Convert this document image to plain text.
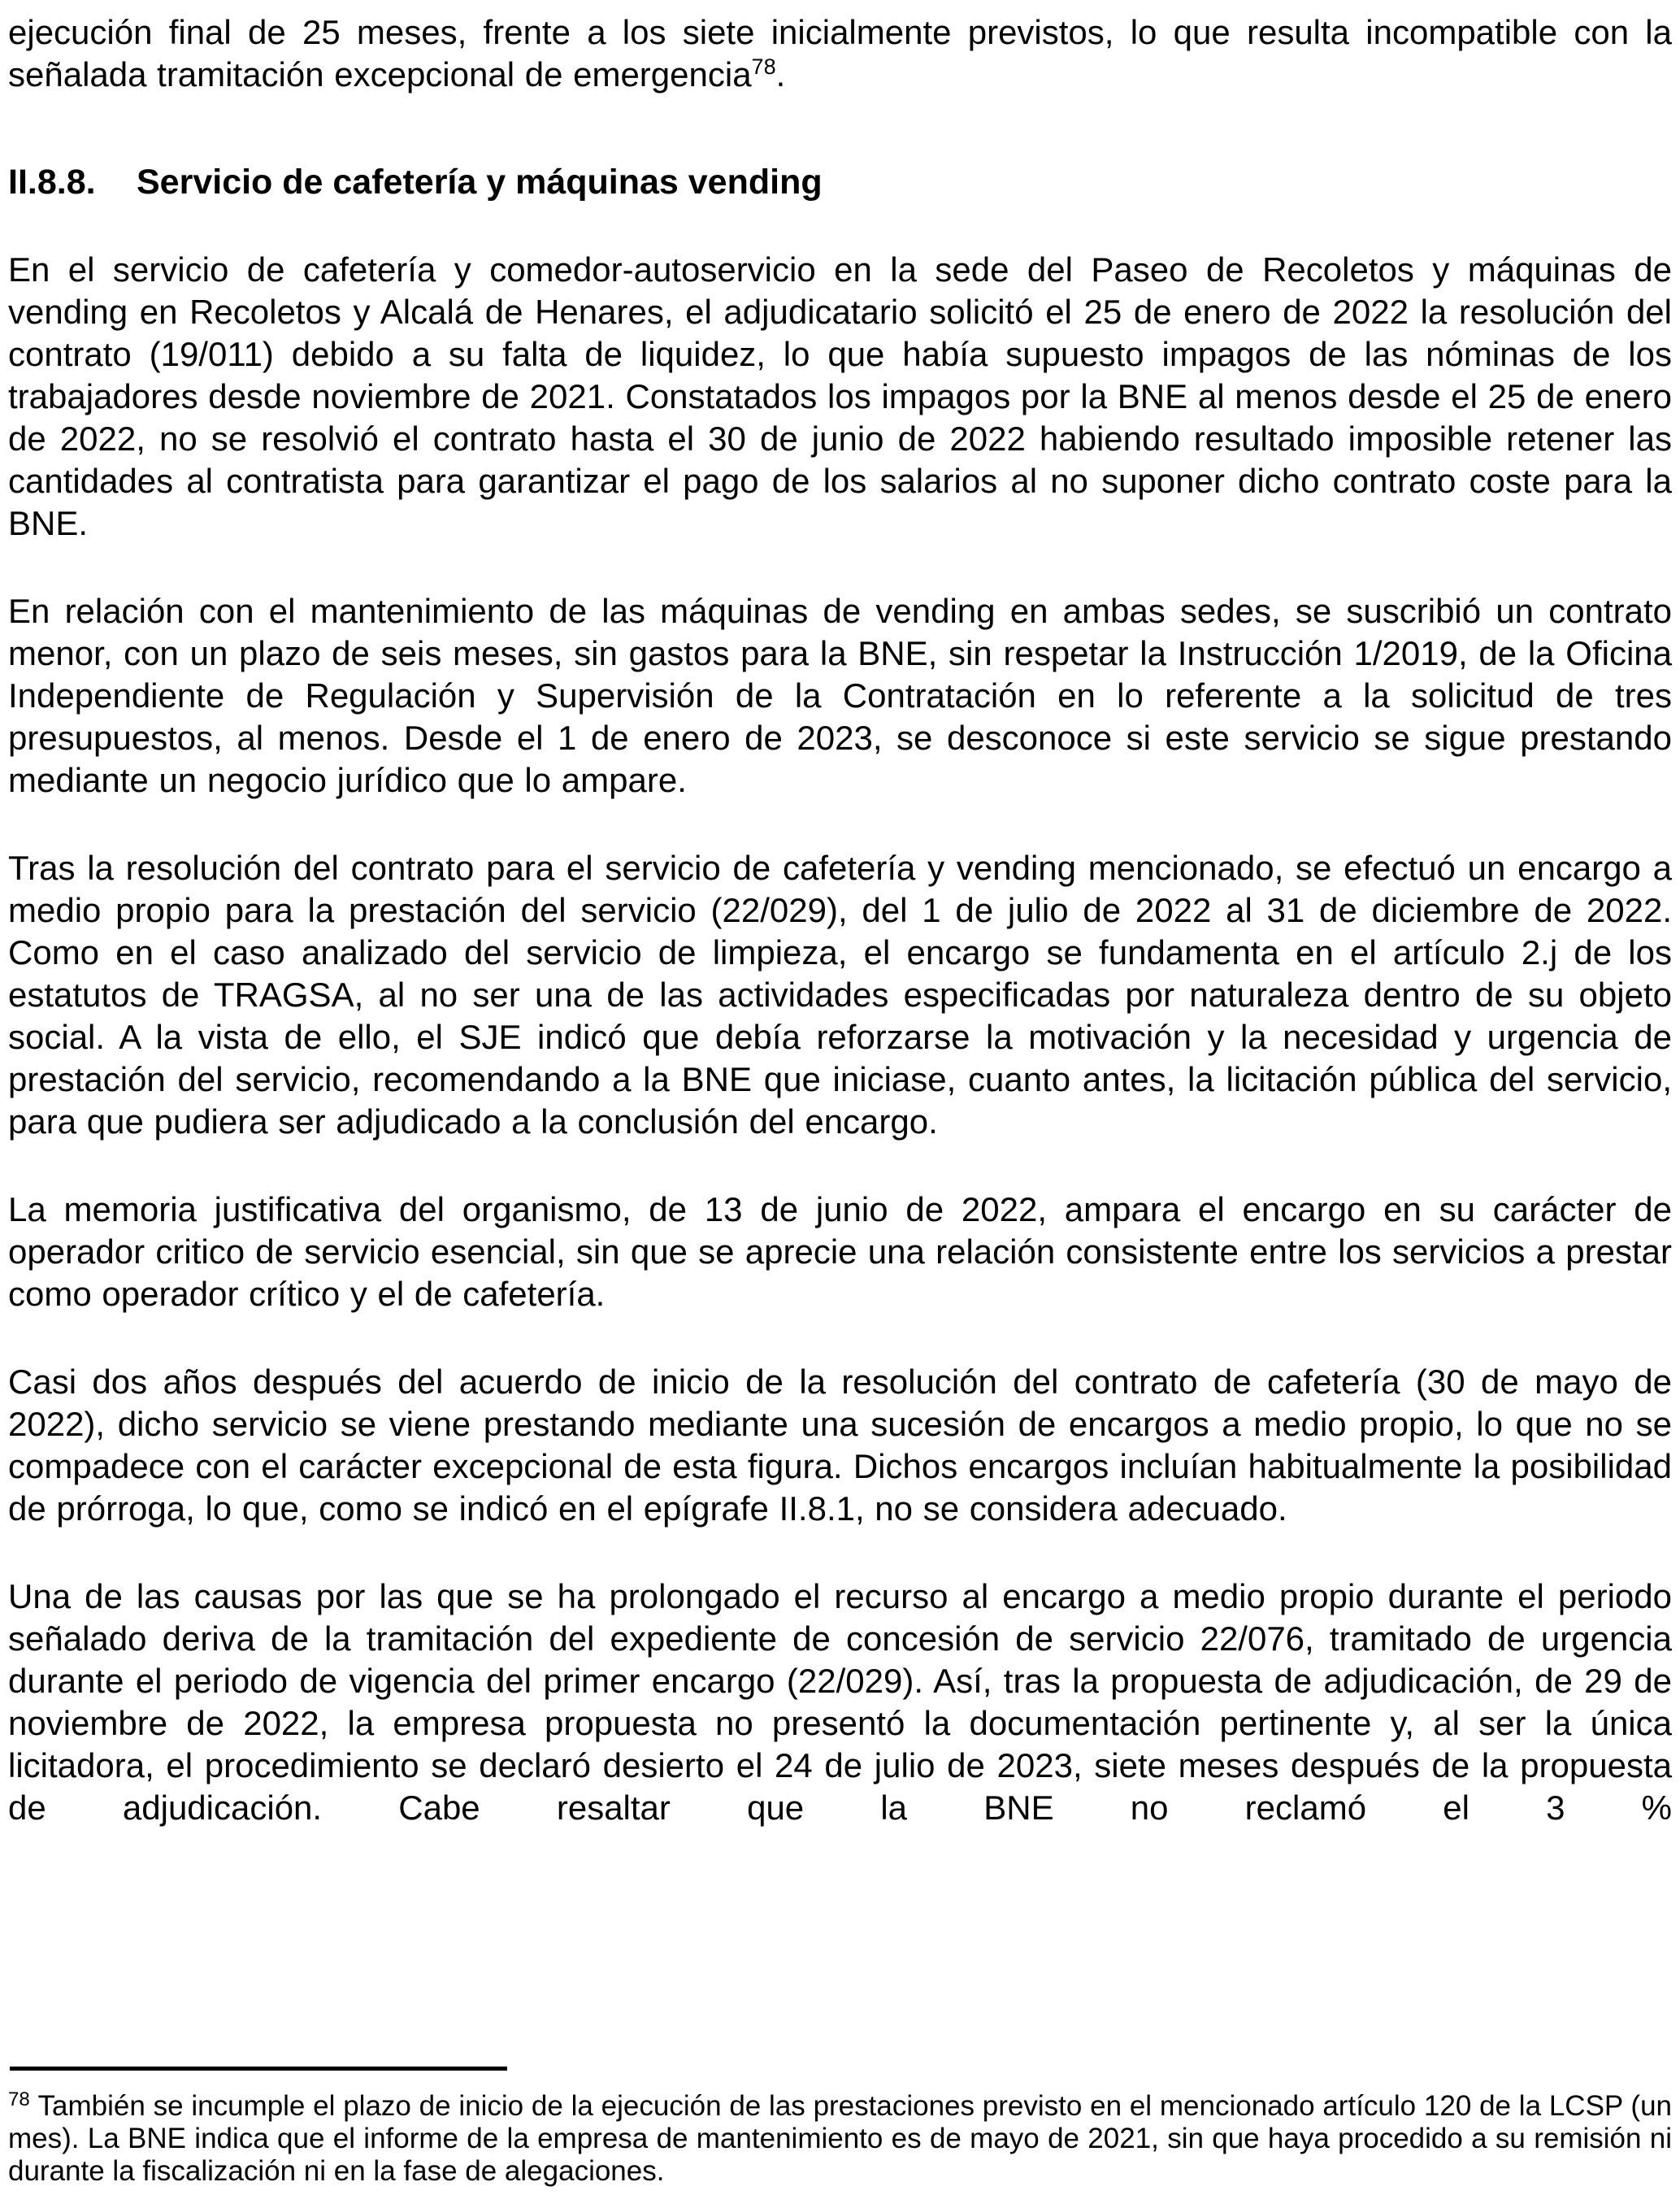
ejecución final de 25 meses, frente a los siete inicialmente previstos, lo que resulta incompatible con la señalada tramitación excepcional de emergencia$^{78}$.

II.8.8. Servicio de cafetería y máquinas vending

En el servicio de cafetería y comedor-autoservicio en la sede del Paseo de Recoletos y máquinas de vending en Recoletos y Alcalá de Henares, el adjudicatario solicitó el 25 de enero de 2022 la resolución del contrato (19/011) debido a su falta de liquidez, lo que había supuesto impagos de las nóminas de los trabajadores desde noviembre de 2021. Constatados los impagos por la BNE al menos desde el 25 de enero de 2022, no se resolvió el contrato hasta el 30 de junio de 2022 habiendo resultado imposible retener las cantidades al contratista para garantizar el pago de los salarios al no suponer dicho contrato coste para la BNE.

En relación con el mantenimiento de las máquinas de vending en ambas sedes, se suscribió un contrato menor, con un plazo de seis meses, sin gastos para la BNE, sin respetar la Instrucción 1/2019, de la Oficina Independiente de Regulación y Supervisión de la Contratación en lo referente a la solicitud de tres presupuestos, al menos. Desde el 1 de enero de 2023, se desconoce si este servicio se sigue prestando mediante un negocio jurídico que lo ampare.

Tras la resolución del contrato para el servicio de cafetería y vending mencionado, se efectuó un encargo a medio propio para la prestación del servicio (22/029), del 1 de julio de 2022 al 31 de diciembre de 2022. Como en el caso analizado del servicio de limpieza, el encargo se fundamenta en el artículo 2.j de los estatutos de TRAGSA, al no ser una de las actividades especificadas por naturaleza dentro de su objeto social. A la vista de ello, el SJE indicó que debía reforzarse la motivación y la necesidad y urgencia de prestación del servicio, recomendando a la BNE que iniciase, cuanto antes, la licitación pública del servicio, para que pudiera ser adjudicado a la conclusión del encargo.

La memoria justificativa del organismo, de 13 de junio de 2022, ampara el encargo en su carácter de operador critico de servicio esencial, sin que se aprecie una relación consistente entre los servicios a prestar como operador crítico y el de cafetería.

Casi dos años después del acuerdo de inicio de la resolución del contrato de cafetería (30 de mayo de 2022), dicho servicio se viene prestando mediante una sucesión de encargos a medio propio, lo que no se compadece con el carácter excepcional de esta figura. Dichos encargos incluían habitualmente la posibilidad de prórroga, lo que, como se indicó en el epígrafe II.8.1, no se considera adecuado.

Una de las causas por las que se ha prolongado el recurso al encargo a medio propio durante el periodo señalado deriva de la tramitación del expediente de concesión de servicio 22/076, tramitado de urgencia durante el periodo de vigencia del primer encargo (22/029). Así, tras la propuesta de adjudicación, de 29 de noviembre de 2022, la empresa propuesta no presentó la documentación pertinente y, al ser la única licitadora, el procedimiento se declaró desierto el 24 de julio de 2023, siete meses después de la propuesta de adjudicación. Cabe resaltar que la BNE no reclamó el 3 %

$^{78}$ También se incumple el plazo de inicio de la ejecución de las prestaciones previsto en el mencionado artículo 120 de la LCSP (un mes). La BNE indica que el informe de la empresa de mantenimiento es de mayo de 2021, sin que haya procedido a su remisión ni durante la fiscalización ni en la fase de alegaciones.
